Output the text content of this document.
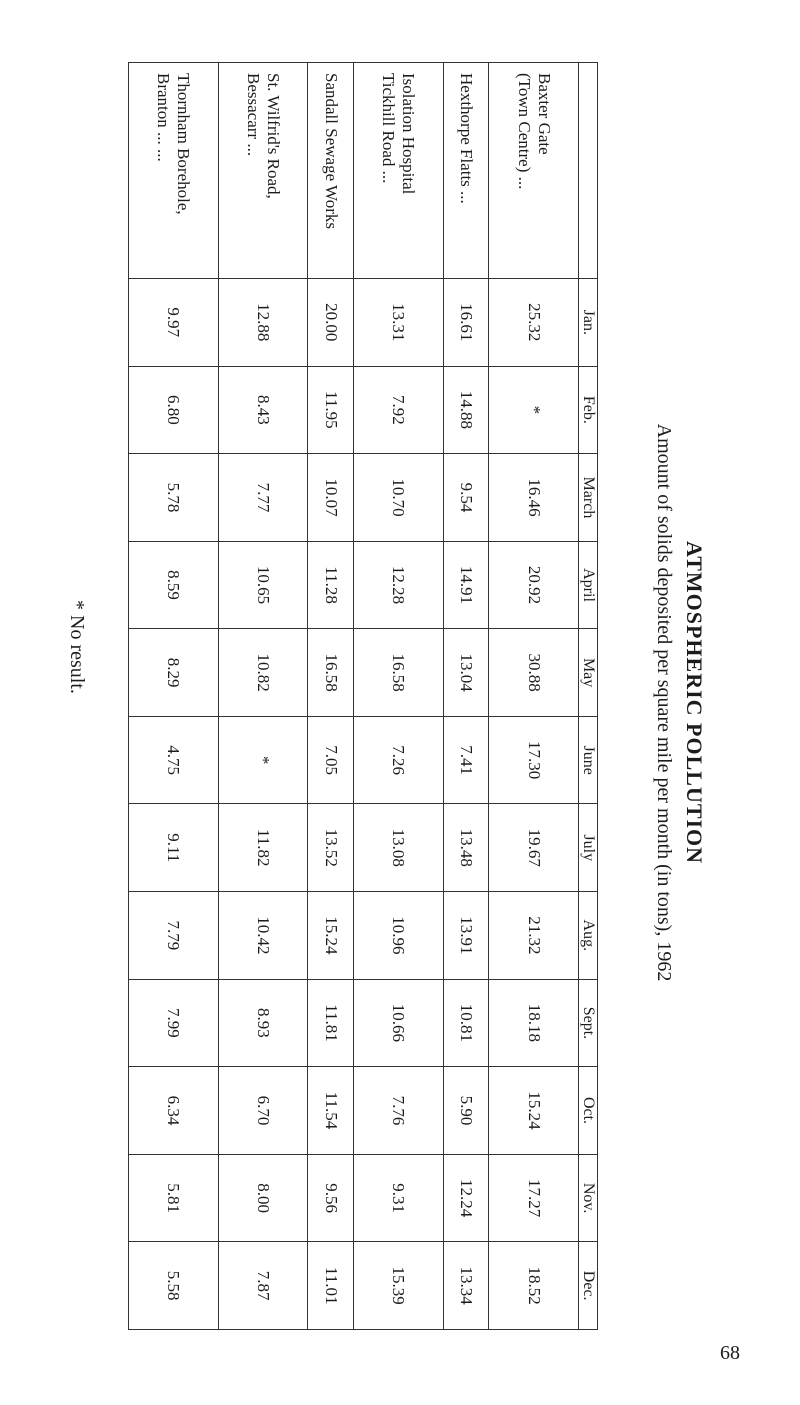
ATMOSPHERIC POLLUTION
Amount of solids deposited per square mile per month (in tons), 1962
	Jan.	Feb.	March	April	May	June	July	Aug.	Sept.	Oct.	Nov.	Dec.
Baxter Gate
(Town Centre) ...	25.32	*	16.46	20.92	30.88	17.30	19.67	21.32	18.18	15.24	17.27	18.52
Hexthorpe Flatts ...	16.61	14.88	9.54	14.91	13.04	7.41	13.48	13.91	10.81	5.90	12.24	13.34
Isolation Hospital
Tickhill Road ...	13.31	7.92	10.70	12.28	16.58	7.26	13.08	10.96	10.66	7.76	9.31	15.39
Sandall Sewage Works	20.00	11.95	10.07	11.28	16.58	7.05	13.52	15.24	11.81	11.54	9.56	11.01
St. Wilfrid's Road,
Bessacarr ...	12.88	8.43	7.77	10.65	10.82	*	11.82	10.42	8.93	6.70	8.00	7.87
Thornham Borehole,
Branton ... ...	9.97	6.80	5.78	8.59	8.29	4.75	9.11	7.79	7.99	6.34	5.81	5.58
* No result.
68
